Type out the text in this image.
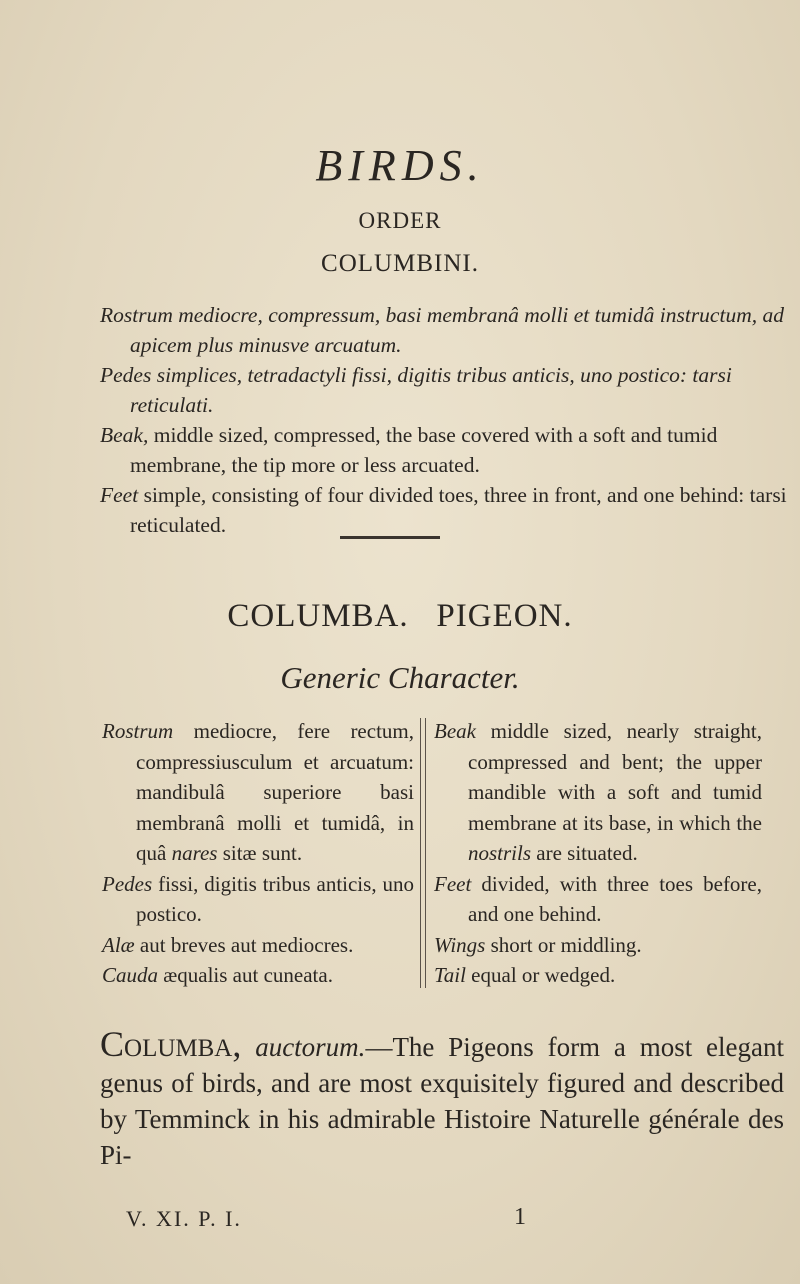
BIRDS.
ORDER
COLUMBINI.

Rostrum mediocre, compressum, basi membranâ molli et tumidâ instructum, ad apicem plus minusve arcuatum.

Pedes simplices, tetradactyli fissi, digitis tribus anticis, uno postico: tarsi reticulati.

Beak, middle sized, compressed, the base covered with a soft and tumid membrane, the tip more or less arcuated.

Feet simple, consisting of four divided toes, three in front, and one behind: tarsi reticulated.

COLUMBA. PIGEON.
Generic Character.

Rostrum mediocre, fere rectum, compressiusculum et arcuatum: mandibulâ superiore basi membranâ molli et tumidâ, in quâ nares sitæ sunt.

Pedes fissi, digitis tribus anticis, uno postico.

Alæ aut breves aut mediocres.

Cauda æqualis aut cuneata.

Beak middle sized, nearly straight, compressed and bent; the upper mandible with a soft and tumid membrane at its base, in which the nostrils are situated.

Feet divided, with three toes before, and one behind.

Wings short or middling.

Tail equal or wedged.

Columba, auctorum.—The Pigeons form a most elegant genus of birds, and are most exquisitely figured and described by Temminck in his admirable Histoire Naturelle générale des Pi-

V. XI. P. I.	1
